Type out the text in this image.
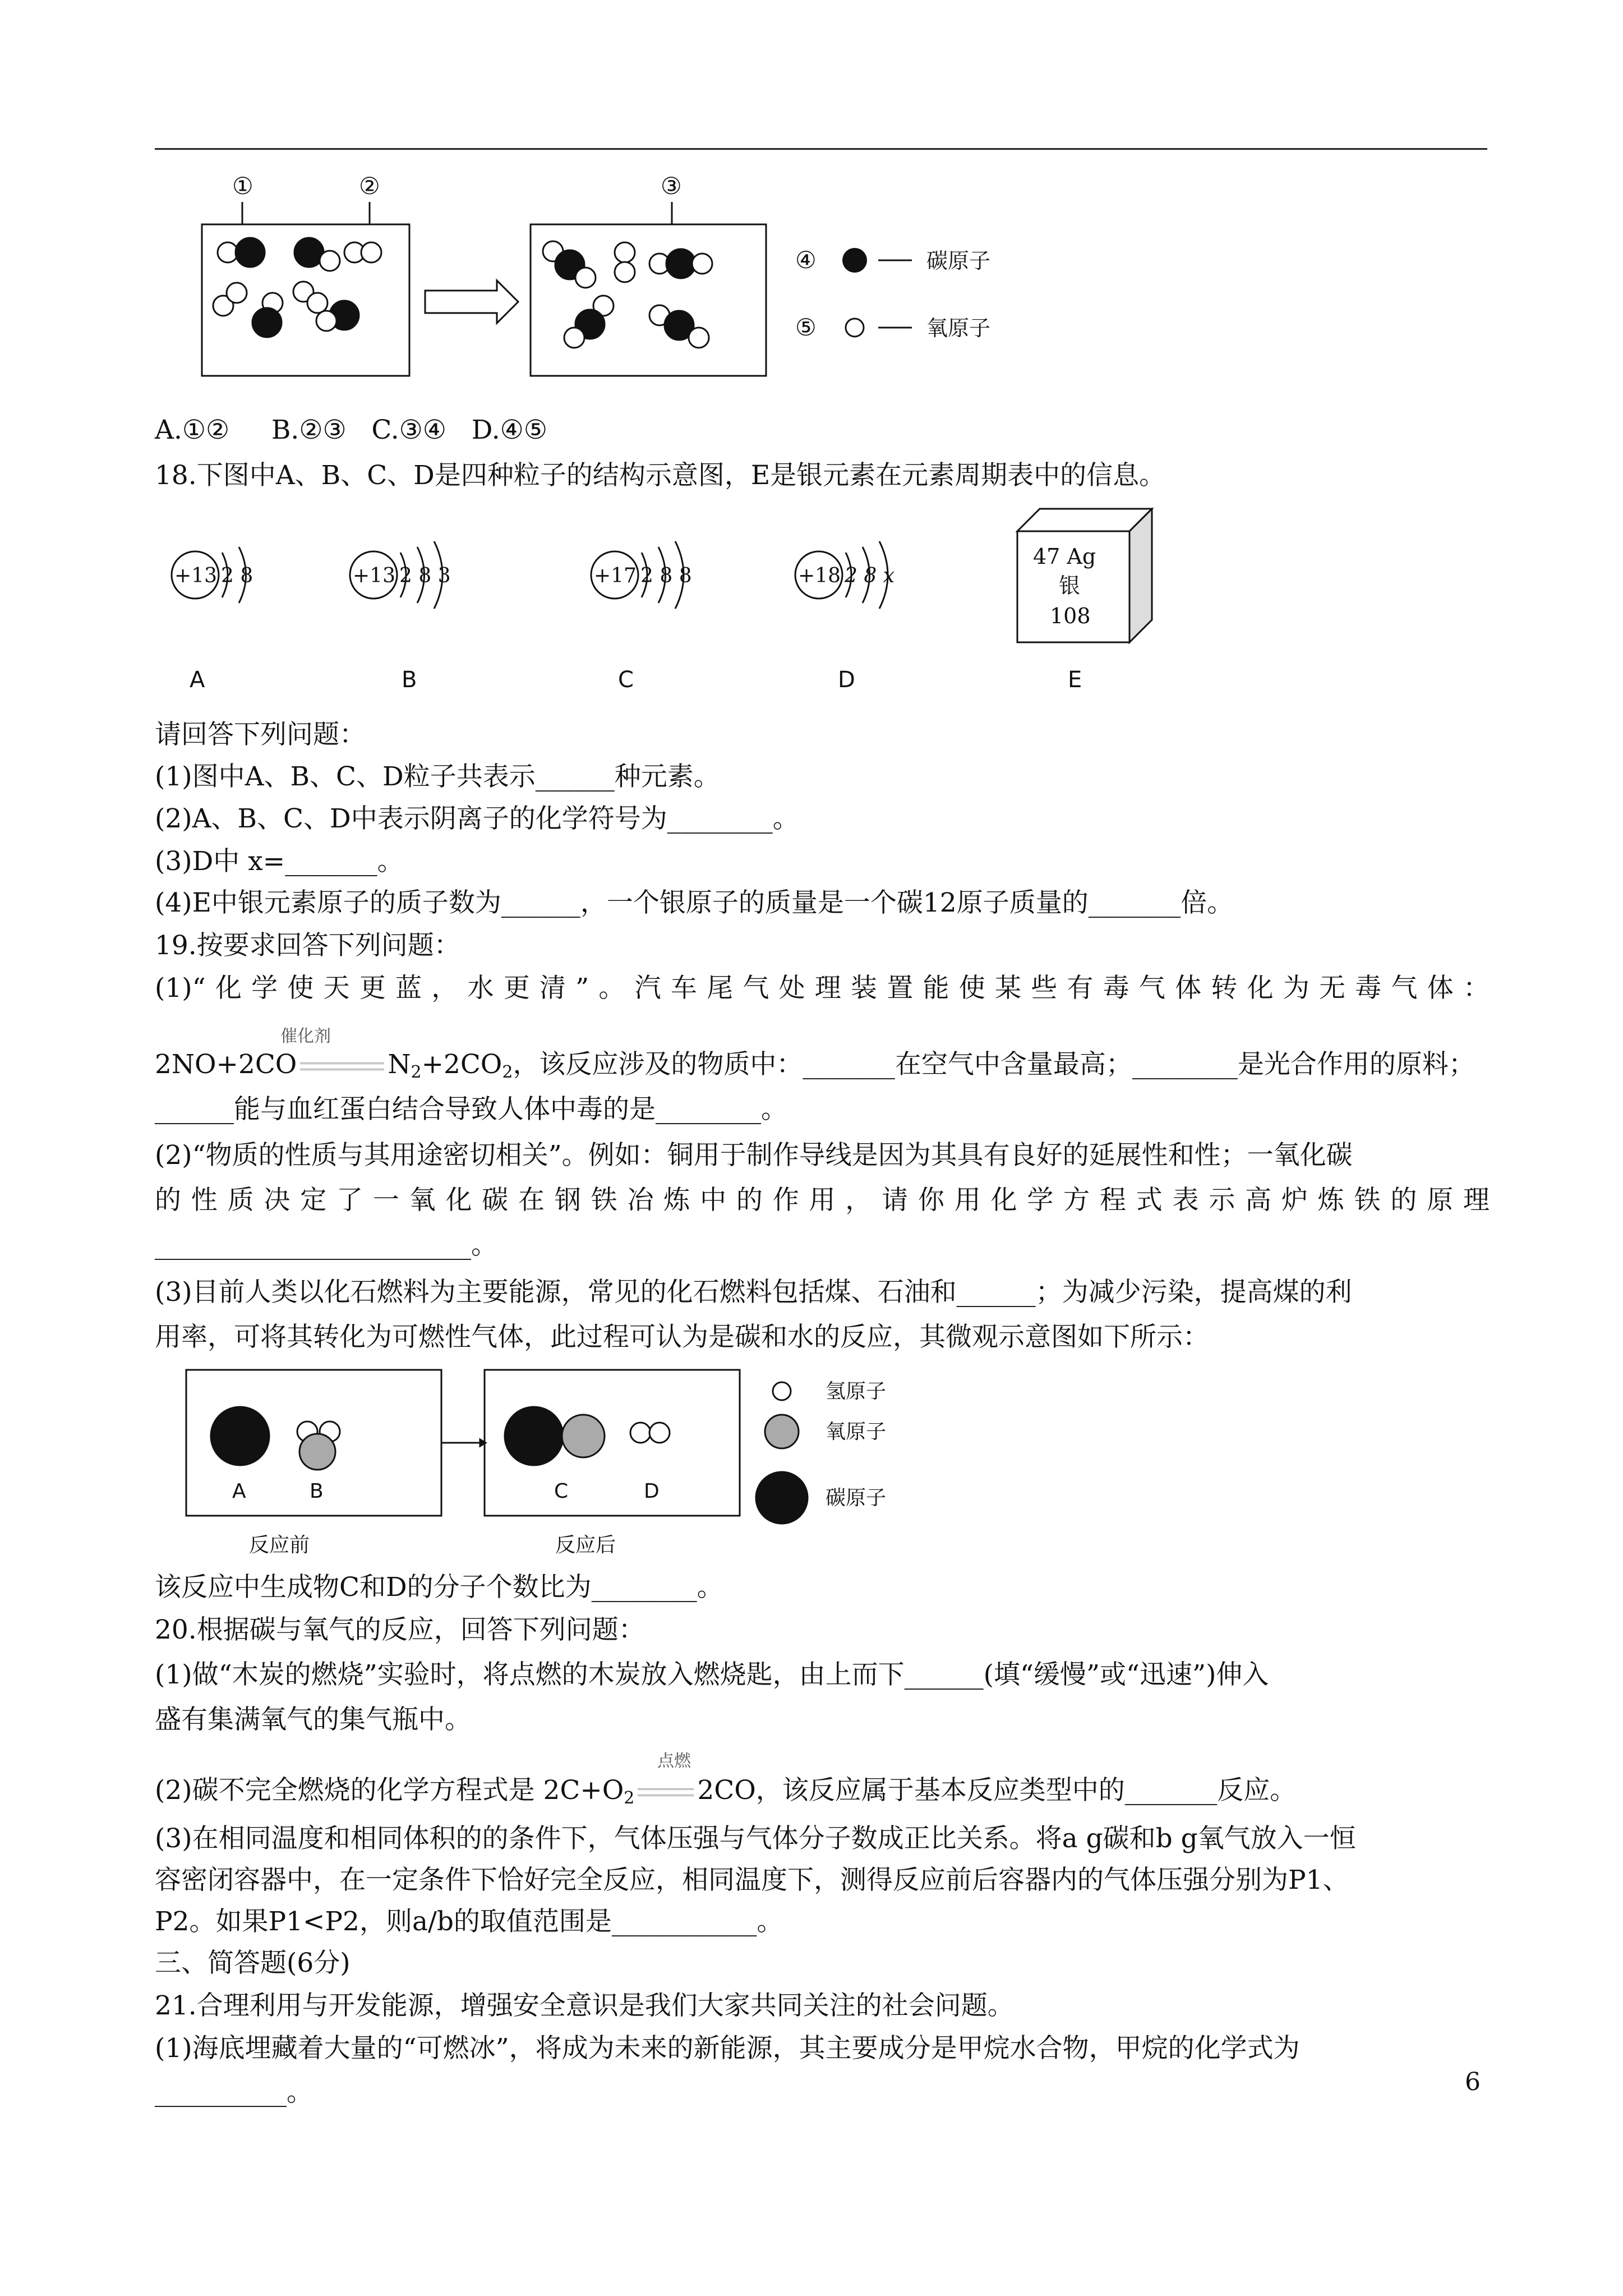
①	②	③
④	碳原子
⑤	氧原子
A.①②     B.②③   C.③④   D.④⑤
18.下图中A、B、C、D是四种粒子的结构示意图，E是银元素在元素周期表中的信息。
+13 2 8
A
+13 2 8 3
B
+17 2 8 8
C
+18 2 8 x
D
47 Ag
银
108
E
请回答下列问题：
(1)图中A、B、C、D粒子共表示______种元素。
(2)A、B、C、D中表示阴离子的化学符号为________。
(3)D中 x=_______。
(4)E中银元素原子的质子数为______，一个银原子的质量是一个碳12原子质量的_______倍。
19.按要求回答下列问题：
(1)“化学使天更蓝，水更清”。汽车尾气处理装置能使某些有毒气体转化为无毒气体：
催化剂
2NO+2CO	$N_2+2CO_2$，该反应涉及的物质中：_______在空气中含量最高；________是光合作用的原料；
______能与血红蛋白结合导致人体中毒的是________。
(2)“物质的性质与其用途密切相关”。例如：铜用于制作导线是因为其具有良好的延展性和性；一氧化碳
的性质决定了一氧化碳在钢铁冶炼中的作用，请你用化学方程式表示高炉炼铁的原理
________________________。
(3)目前人类以化石燃料为主要能源，常见的化石燃料包括煤、石油和______；为减少污染，提高煤的利
用率，可将其转化为可燃性气体，此过程可认为是碳和水的反应，其微观示意图如下所示：
A	B	C	D
反应前	反应后
氢原子
氧原子
碳原子
该反应中生成物C和D的分子个数比为________。
20.根据碳与氧气的反应，回答下列问题：
(1)做“木炭的燃烧”实验时，将点燃的木炭放入燃烧匙，由上而下______(填“缓慢”或“迅速”)伸入
盛有集满氧气的集气瓶中。
点燃
(2)碳不完全燃烧的化学方程式是 $2C+O_2$ 2CO，该反应属于基本反应类型中的_______反应。
(3)在相同温度和相同体积的的条件下，气体压强与气体分子数成正比关系。将a g碳和b g氧气放入一恒
容密闭容器中，在一定条件下恰好完全反应，相同温度下，测得反应前后容器内的气体压强分别为P1、
P2。如果P1<P2，则a/b的取值范围是___________。
三、简答题(6分)
21.合理利用与开发能源，增强安全意识是我们大家共同关注的社会问题。
(1)海底埋藏着大量的“可燃冰”，将成为未来的新能源，其主要成分是甲烷水合物，甲烷的化学式为
__________。	6
